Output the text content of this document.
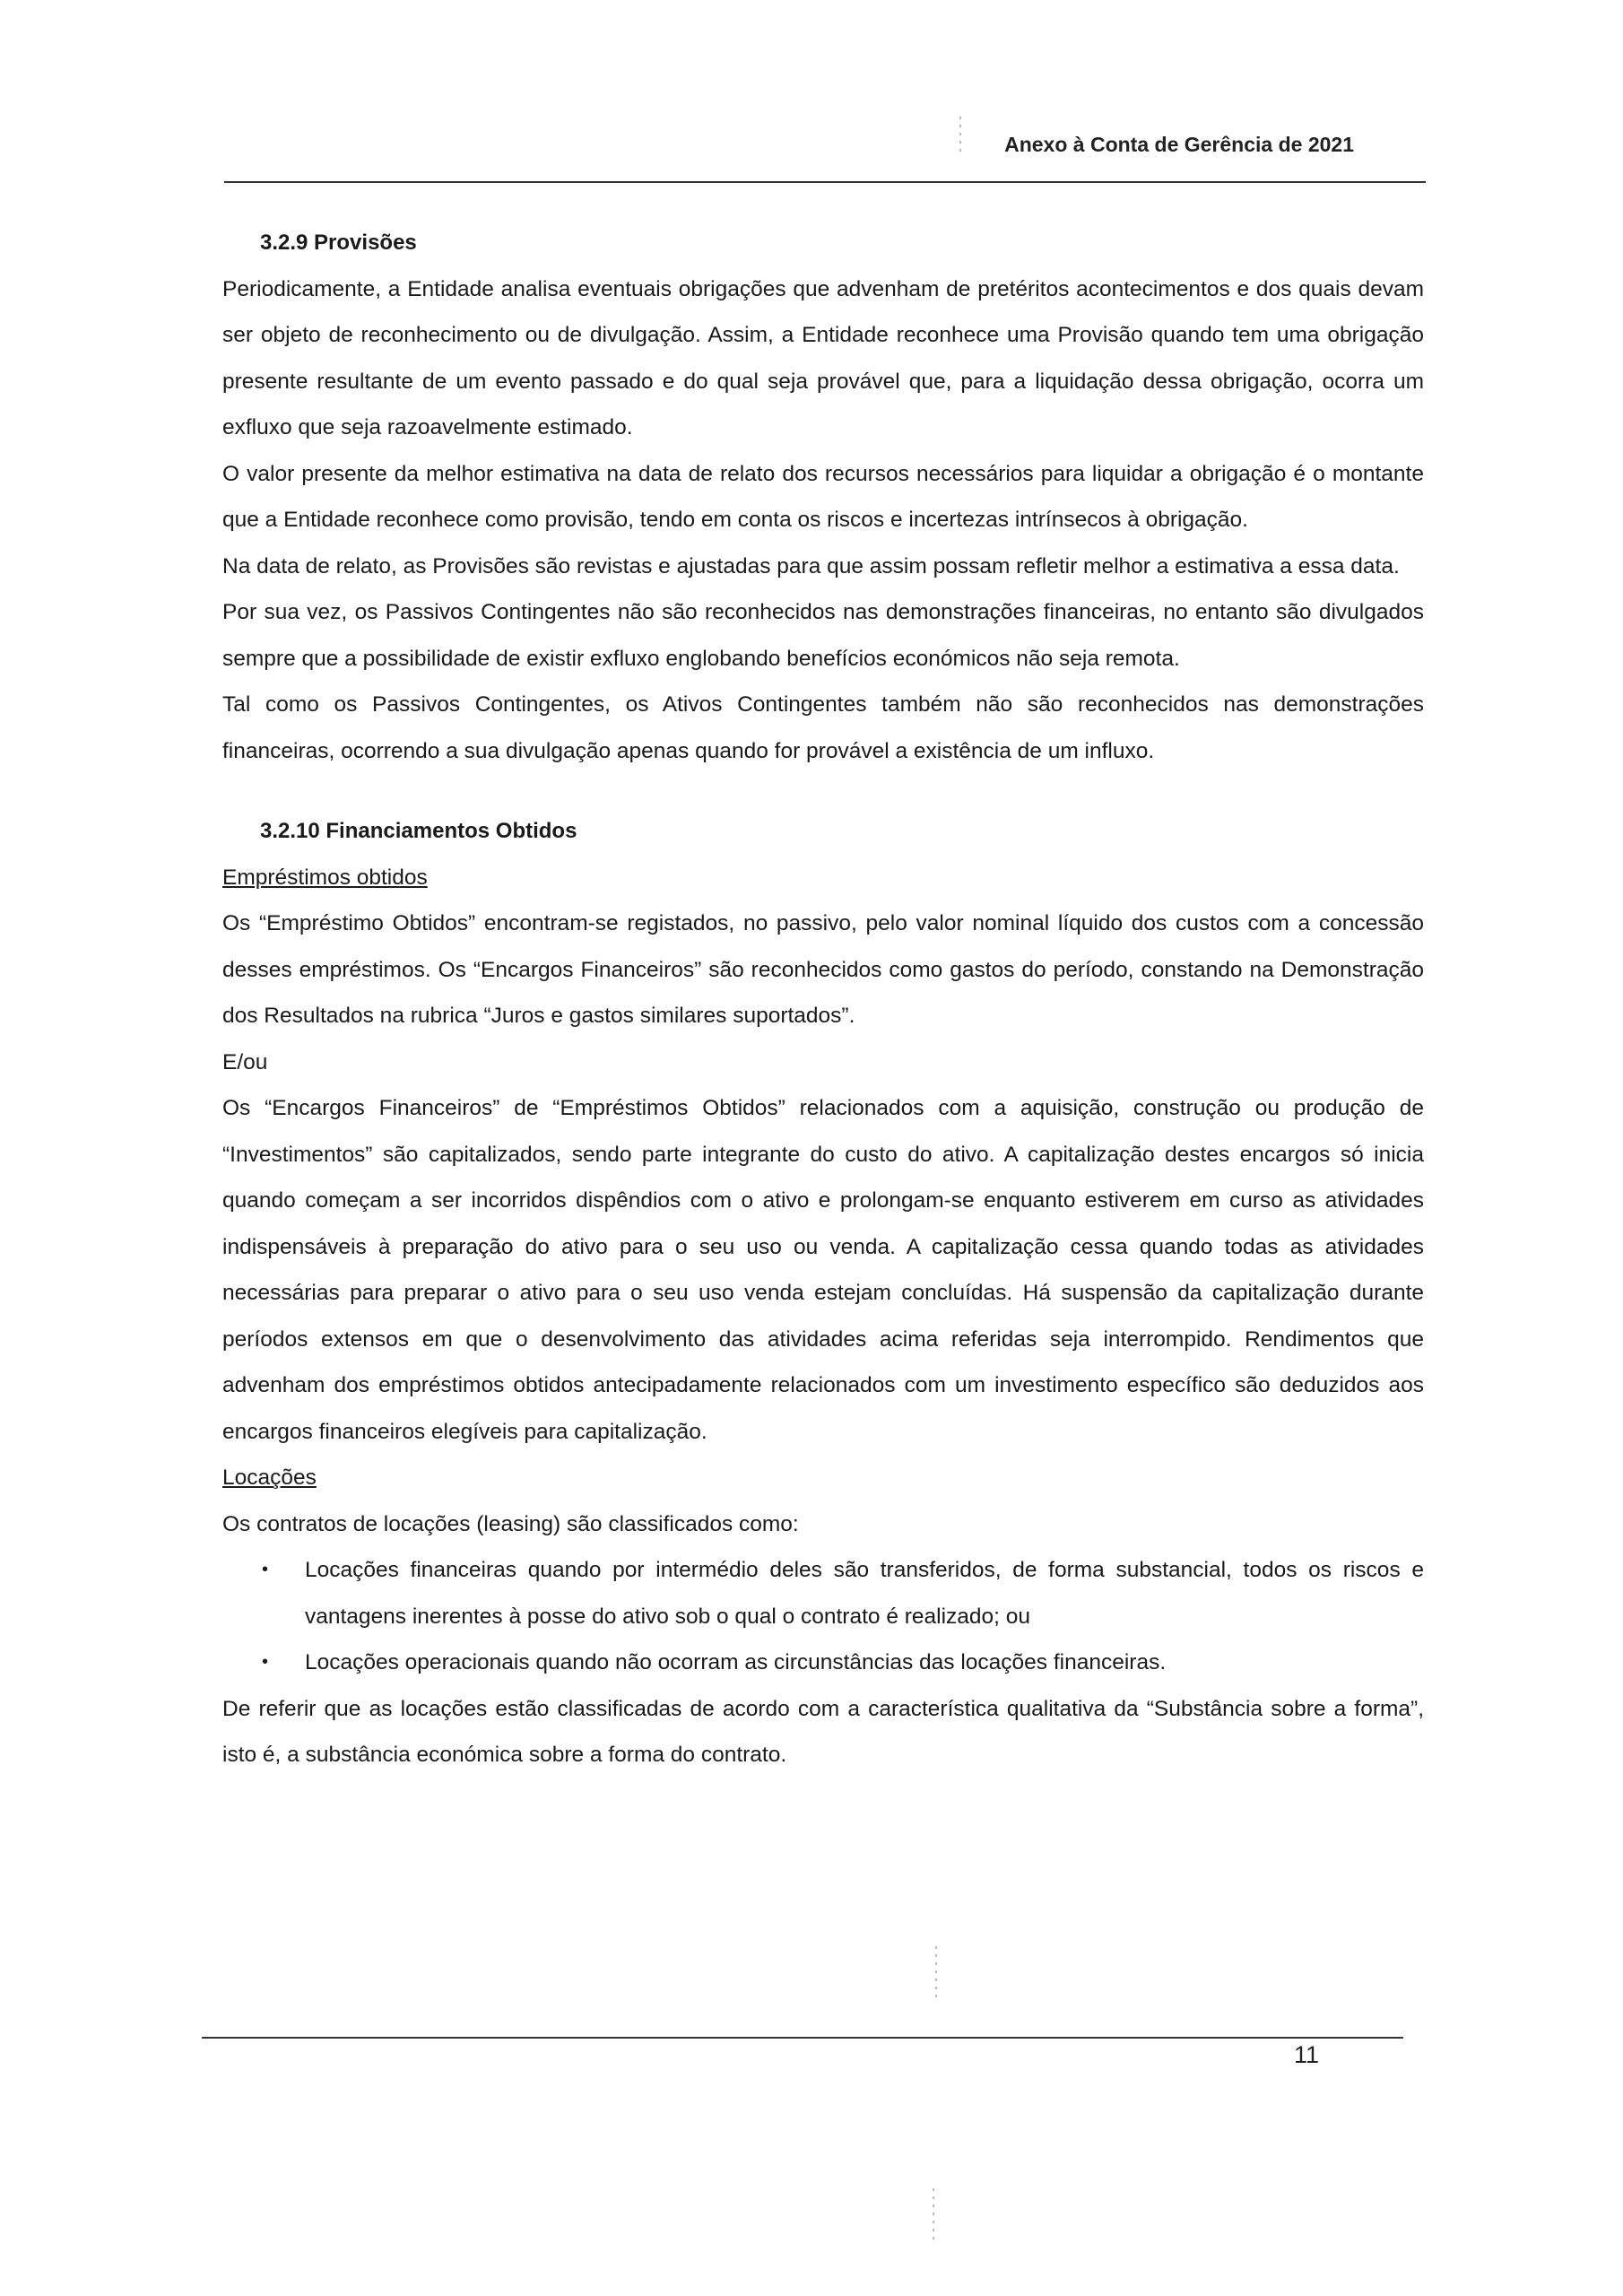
Anexo à Conta de Gerência de 2021

3.2.9 Provisões

Periodicamente, a Entidade analisa eventuais obrigações que advenham de pretéritos acontecimentos e dos quais devam ser objeto de reconhecimento ou de divulgação. Assim, a Entidade reconhece uma Provisão quando tem uma obrigação presente resultante de um evento passado e do qual seja provável que, para a liquidação dessa obrigação, ocorra um exfluxo que seja razoavelmente estimado.

O valor presente da melhor estimativa na data de relato dos recursos necessários para liquidar a obrigação é o montante que a Entidade reconhece como provisão, tendo em conta os riscos e incertezas intrínsecos à obrigação.

Na data de relato, as Provisões são revistas e ajustadas para que assim possam refletir melhor a estimativa a essa data.

Por sua vez, os Passivos Contingentes não são reconhecidos nas demonstrações financeiras, no entanto são divulgados sempre que a possibilidade de existir exfluxo englobando benefícios económicos não seja remota.

Tal como os Passivos Contingentes, os Ativos Contingentes também não são reconhecidos nas demonstrações financeiras, ocorrendo a sua divulgação apenas quando for provável a existência de um influxo.

3.2.10 Financiamentos Obtidos

Empréstimos obtidos

Os “Empréstimo Obtidos” encontram-se registados, no passivo, pelo valor nominal líquido dos custos com a concessão desses empréstimos. Os “Encargos Financeiros” são reconhecidos como gastos do período, constando na Demonstração dos Resultados na rubrica “Juros e gastos similares suportados”.

E/ou

Os “Encargos Financeiros” de “Empréstimos Obtidos” relacionados com a aquisição, construção ou produção de “Investimentos” são capitalizados, sendo parte integrante do custo do ativo. A capitalização destes encargos só inicia quando começam a ser incorridos dispêndios com o ativo e prolongam-se enquanto estiverem em curso as atividades indispensáveis à preparação do ativo para o seu uso ou venda. A capitalização cessa quando todas as atividades necessárias para preparar o ativo para o seu uso venda estejam concluídas. Há suspensão da capitalização durante períodos extensos em que o desenvolvimento das atividades acima referidas seja interrompido. Rendimentos que advenham dos empréstimos obtidos antecipadamente relacionados com um investimento específico são deduzidos aos encargos financeiros elegíveis para capitalização.

Locações

Os contratos de locações (leasing) são classificados como:

• Locações financeiras quando por intermédio deles são transferidos, de forma substancial, todos os riscos e vantagens inerentes à posse do ativo sob o qual o contrato é realizado; ou
• Locações operacionais quando não ocorram as circunstâncias das locações financeiras.

De referir que as locações estão classificadas de acordo com a característica qualitativa da “Substância sobre a forma”, isto é, a substância económica sobre a forma do contrato.

11
